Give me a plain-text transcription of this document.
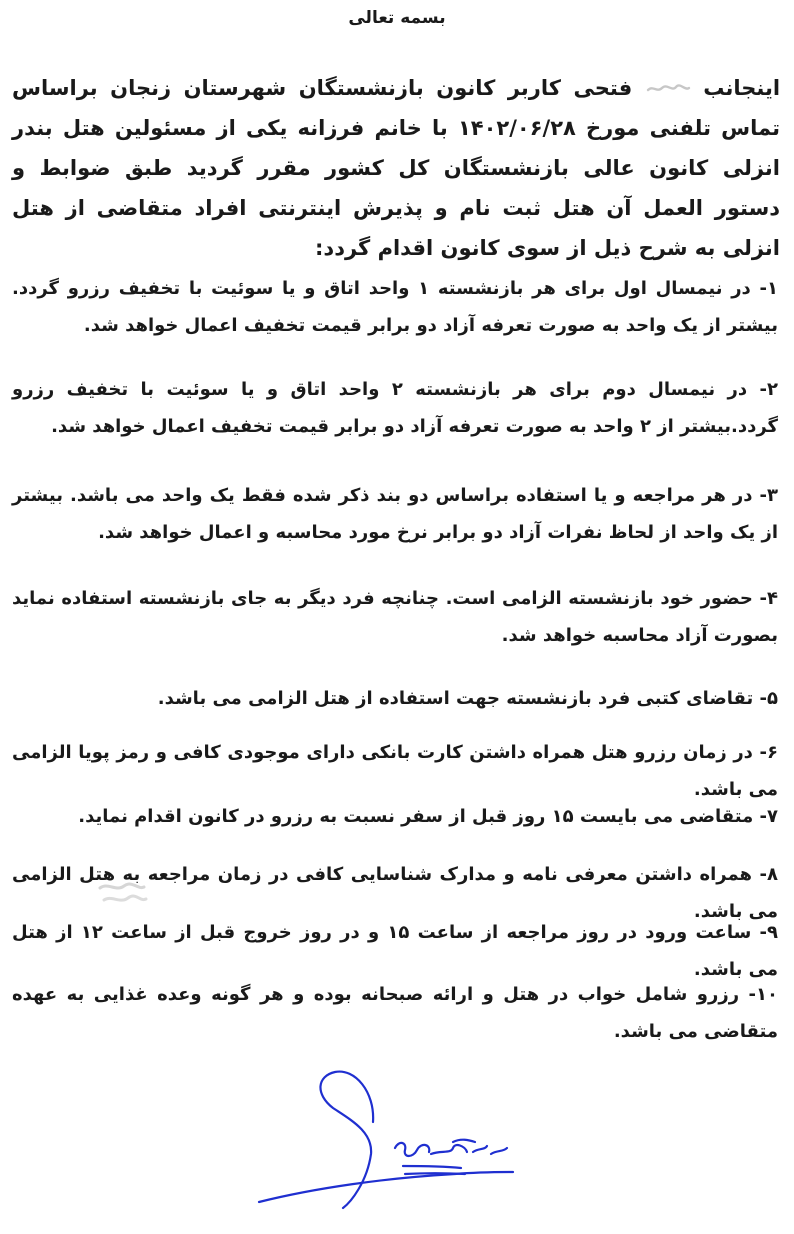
بسمه تعالی
اینجانب  فتحی کاربر کانون بازنشستگان شهرستان زنجان براساس تماس تلفنی مورخ ۱۴۰۲/۰۶/۲۸ با خانم فرزانه یکی از مسئولین هتل بندر انزلی کانون عالی بازنشستگان کل کشور مقرر گردید طبق ضوابط و دستور العمل آن هتل ثبت نام و پذیرش اینترنتی افراد متقاضی از هتل انزلی به شرح ذیل از سوی کانون اقدام گردد:
۱- در نیمسال اول برای هر بازنشسته ۱ واحد اتاق و یا سوئیت با تخفیف رزرو گردد. بیشتر از یک واحد به صورت تعرفه آزاد دو برابر قیمت تخفیف اعمال خواهد شد.
۲- در نیمسال دوم برای هر بازنشسته ۲ واحد اتاق و یا سوئیت با تخفیف رزرو گردد.بیشتر از ۲ واحد به صورت تعرفه آزاد دو برابر قیمت تخفیف اعمال خواهد شد.
۳- در هر مراجعه و یا استفاده براساس دو بند ذکر شده فقط یک واحد می باشد. بیشتر از یک واحد از لحاظ نفرات آزاد دو برابر نرخ مورد محاسبه و اعمال خواهد شد.
۴- حضور خود بازنشسته الزامی است. چنانچه فرد دیگر به جای بازنشسته استفاده نماید بصورت آزاد محاسبه خواهد شد.
۵- تقاضای کتبی فرد بازنشسته جهت استفاده از هتل الزامی می باشد.
۶- در زمان رزرو هتل همراه داشتن کارت بانکی دارای موجودی کافی و رمز پویا الزامی می باشد.
۷- متقاضی می بایست ۱۵ روز قبل از سفر نسبت به رزرو در کانون اقدام نماید.
۸- همراه داشتن معرفی نامه و مدارک شناسایی کافی در زمان مراجعه به هتل الزامی می باشد.
۹- ساعت ورود در روز مراجعه از ساعت ۱۵ و در روز خروج قبل از ساعت ۱۲ از هتل می باشد.
۱۰- رزرو شامل خواب در هتل و ارائه صبحانه بوده و هر گونه وعده غذایی به عهده متقاضی می باشد.
